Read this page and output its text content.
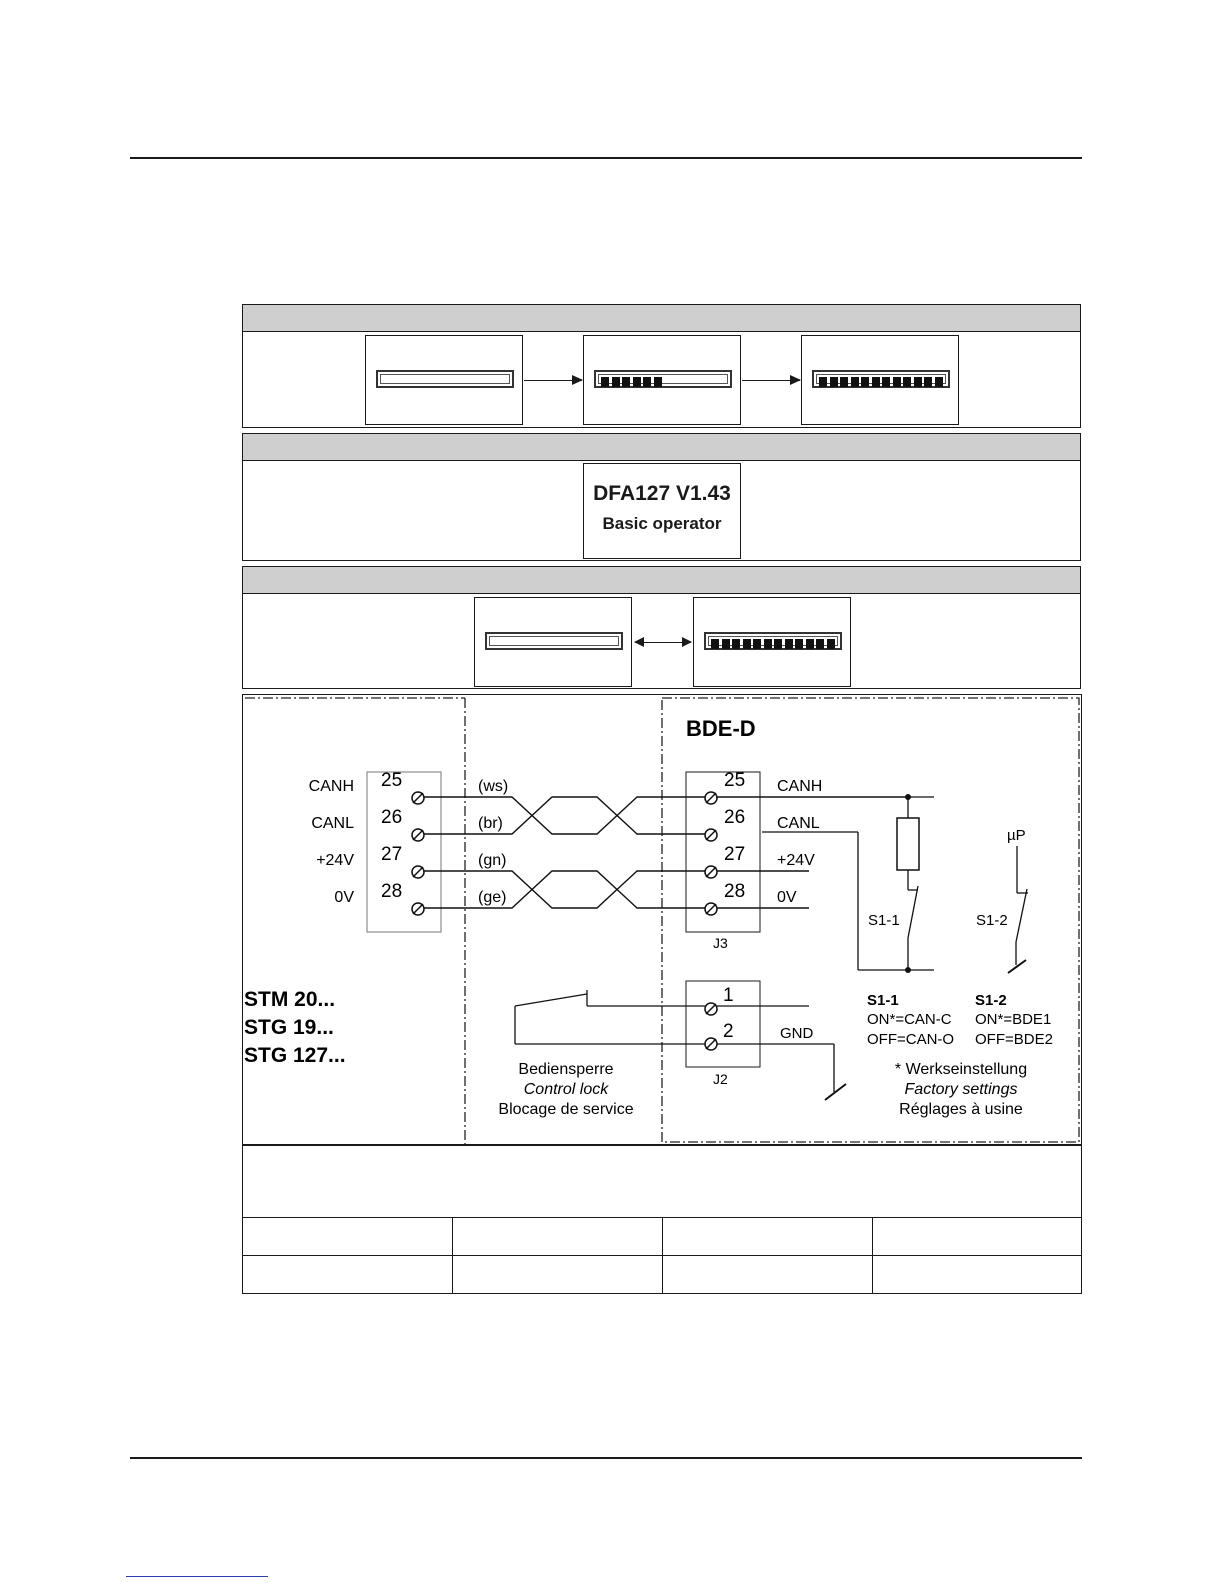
DFA127 V1.43
Basic operator
BDE-D
J3
CANH 25	(ws)	25 CANH
CANL 26	(br)	26 CANL
+24V 27	(gn)	27 +24V
0V 28	(ge)	28 0V
S1-1
µP
S1-2
STM 20...
STG 19...
STG 127...
J2
1
2	GND
Bediensperre
Control lock
Blocage de service
S1-1
ON*=CAN-C
OFF=CAN-O
S1-2
ON*=BDE1
OFF=BDE2
* Werkseinstellung
Factory settings
Réglages à usine
